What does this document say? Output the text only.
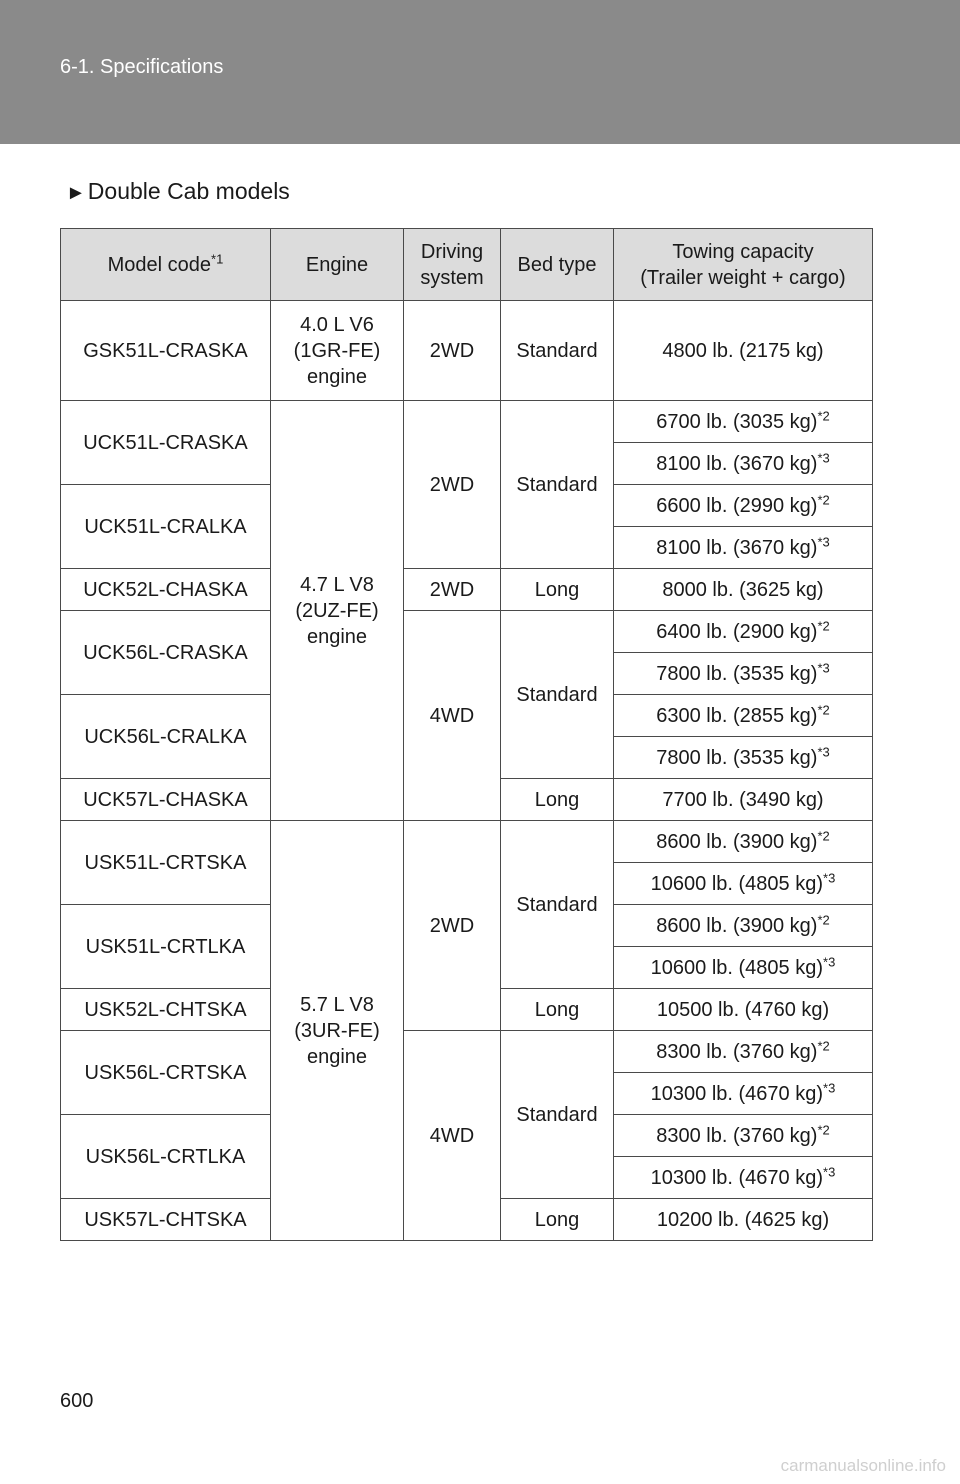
6-1. Specifications
►Double Cab models
Model code$^{*1}$	Engine	Driving
system	Bed type	Towing capacity
(Trailer weight + cargo)
GSK51L-CRASKA	4.0 L V6
(1GR-FE)
engine	2WD	Standard	4800 lb. (2175 kg)
UCK51L-CRASKA	4.7 L V8
(2UZ-FE)
engine	2WD	Standard	6700 lb. (3035 kg)$^{*2}$
				8100 lb. (3670 kg)$^{*3}$
UCK51L-CRALKA				6600 lb. (2990 kg)$^{*2}$
				8100 lb. (3670 kg)$^{*3}$
UCK52L-CHASKA		2WD	Long	8000 lb. (3625 kg)
UCK56L-CRASKA		4WD	Standard	6400 lb. (2900 kg)$^{*2}$
				7800 lb. (3535 kg)$^{*3}$
UCK56L-CRALKA				6300 lb. (2855 kg)$^{*2}$
				7800 lb. (3535 kg)$^{*3}$
UCK57L-CHASKA			Long	7700 lb. (3490 kg)
USK51L-CRTSKA	5.7 L V8
(3UR-FE)
engine	2WD	Standard	8600 lb. (3900 kg)$^{*2}$
				10600 lb. (4805 kg)$^{*3}$
USK51L-CRTLKA				8600 lb. (3900 kg)$^{*2}$
				10600 lb. (4805 kg)$^{*3}$
USK52L-CHTSKA			Long	10500 lb. (4760 kg)
USK56L-CRTSKA		4WD	Standard	8300 lb. (3760 kg)$^{*2}$
				10300 lb. (4670 kg)$^{*3}$
USK56L-CRTLKA				8300 lb. (3760 kg)$^{*2}$
				10300 lb. (4670 kg)$^{*3}$
USK57L-CHTSKA			Long	10200 lb. (4625 kg)
600
carmanualsonline.info
